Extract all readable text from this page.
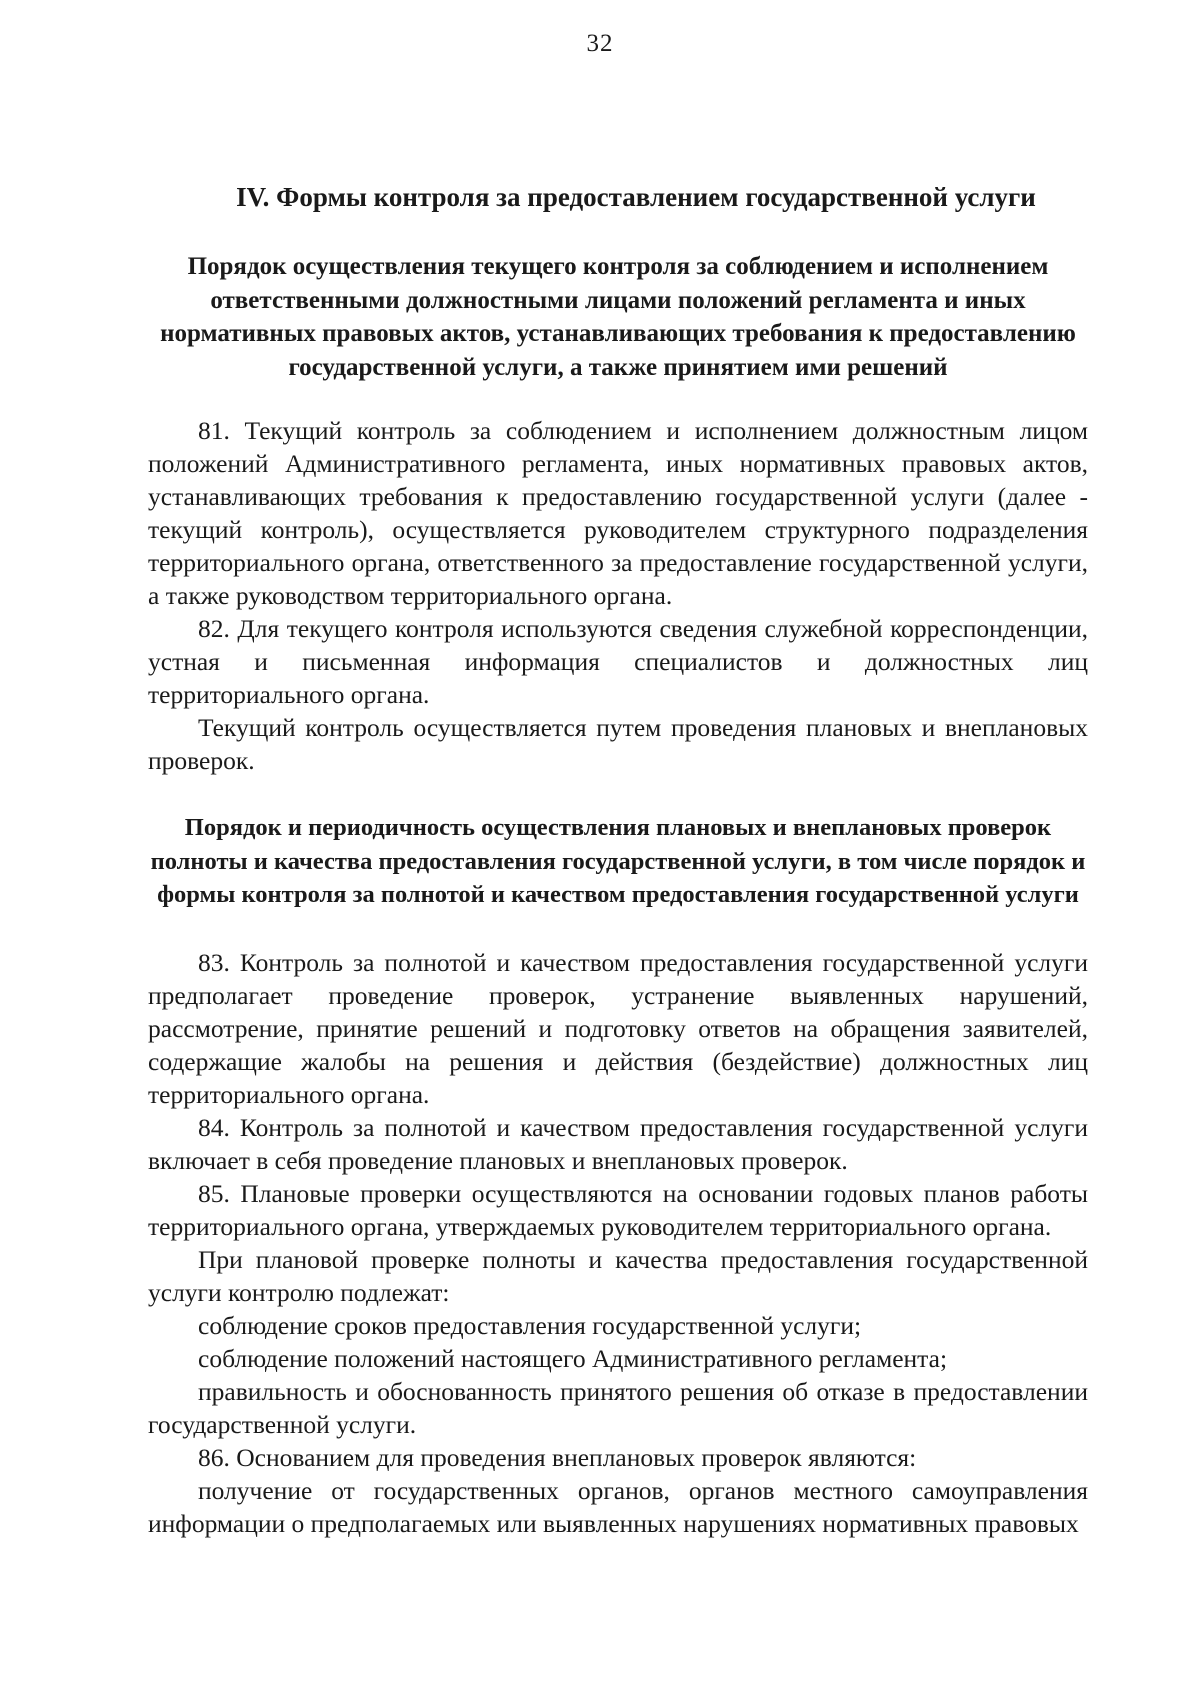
32
IV. Формы контроля за предоставлением государственной услуги
Порядок осуществления текущего контроля за соблюдением и исполнением ответственными должностными лицами положений регламента и иных нормативных правовых актов, устанавливающих требования к предоставлению государственной услуги, а также принятием ими решений

81. Текущий контроль за соблюдением и исполнением должностным лицом положений Административного регламента, иных нормативных правовых актов, устанавливающих требования к предоставлению государственной услуги (далее - текущий контроль), осуществляется руководителем структурного подразделения территориального органа, ответственного за предоставление государственной услуги, а также руководством территориального органа.

82. Для текущего контроля используются сведения служебной корреспонденции, устная и письменная информация специалистов и должностных лиц территориального органа.

Текущий контроль осуществляется путем проведения плановых и внеплановых проверок.

Порядок и периодичность осуществления плановых и внеплановых проверок полноты и качества предоставления государственной услуги, в том числе порядок и формы контроля за полнотой и качеством предоставления государственной услуги

83. Контроль за полнотой и качеством предоставления государственной услуги предполагает проведение проверок, устранение выявленных нарушений, рассмотрение, принятие решений и подготовку ответов на обращения заявителей, содержащие жалобы на решения и действия (бездействие) должностных лиц территориального органа.

84. Контроль за полнотой и качеством предоставления государственной услуги включает в себя проведение плановых и внеплановых проверок.

85. Плановые проверки осуществляются на основании годовых планов работы территориального органа, утверждаемых руководителем территориального органа.

При плановой проверке полноты и качества предоставления государственной услуги контролю подлежат:

соблюдение сроков предоставления государственной услуги;

соблюдение положений настоящего Административного регламента;

правильность и обоснованность принятого решения об отказе в предоставлении государственной услуги.

86. Основанием для проведения внеплановых проверок являются:

получение от государственных органов, органов местного самоуправления информации о предполагаемых или выявленных нарушениях нормативных правовых
